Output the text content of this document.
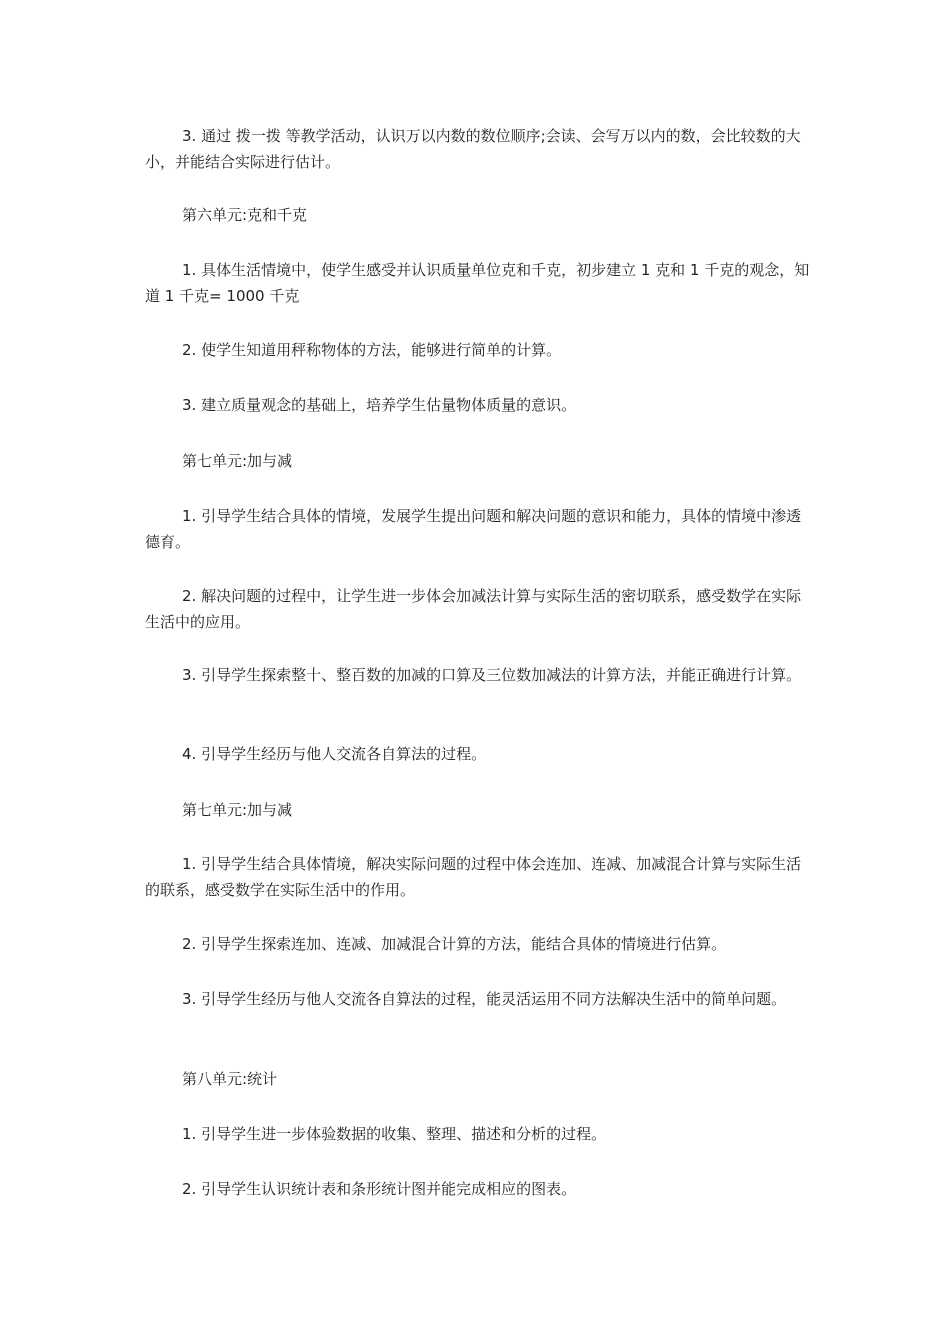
3. 通过 拨一拨 等教学活动，认识万以内数的数位顺序;会读、会写万以内的数，会比较数的大小，并能结合实际进行估计。

第六单元:克和千克

1. 具体生活情境中，使学生感受并认识质量单位克和千克，初步建立 1 克和 1 千克的观念，知道 1 千克= 1000 千克

2. 使学生知道用秤称物体的方法，能够进行简单的计算。

3. 建立质量观念的基础上，培养学生估量物体质量的意识。

第七单元:加与减

1. 引导学生结合具体的情境，发展学生提出问题和解决问题的意识和能力，具体的情境中渗透德育。

2. 解决问题的过程中，让学生进一步体会加减法计算与实际生活的密切联系，感受数学在实际生活中的应用。

3. 引导学生探索整十、整百数的加减的口算及三位数加减法的计算方法，并能正确进行计算。

4. 引导学生经历与他人交流各自算法的过程。

第七单元:加与减

1. 引导学生结合具体情境，解决实际问题的过程中体会连加、连减、加减混合计算与实际生活的联系，感受数学在实际生活中的作用。

2. 引导学生探索连加、连减、加减混合计算的方法，能结合具体的情境进行估算。

3. 引导学生经历与他人交流各自算法的过程，能灵活运用不同方法解决生活中的简单问题。

第八单元:统计

1. 引导学生进一步体验数据的收集、整理、描述和分析的过程。

2. 引导学生认识统计表和条形统计图并能完成相应的图表。
